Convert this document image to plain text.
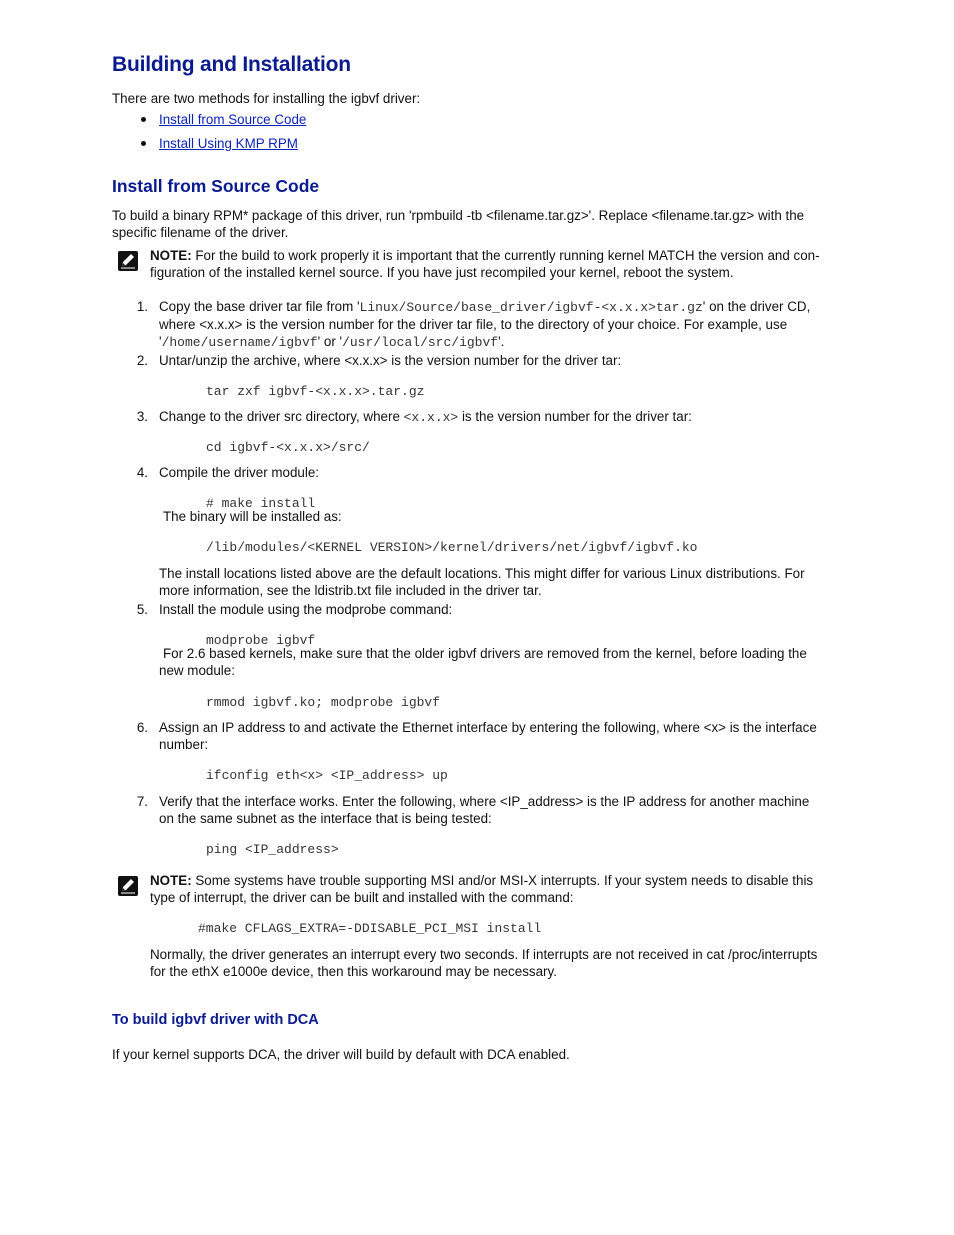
Building and Installation
There are two methods for installing the igbvf driver:
Install from Source Code
Install Using KMP RPM
Install from Source Code
To build a binary RPM* package of this driver, run 'rpmbuild -tb <filename.tar.gz>'. Replace <filename.tar.gz> with the
specific filename of the driver.
NOTE: For the build to work properly it is important that the currently running kernel MATCH the version and con-
figuration of the installed kernel source. If you have just recompiled your kernel, reboot the system.
1. Copy the base driver tar file from 'Linux/Source/base_driver/igbvf-<x.x.x>tar.gz' on the driver CD,
where <x.x.x> is the version number for the driver tar file, to the directory of your choice. For example, use
'/home/username/igbvf' or '/usr/local/src/igbvf'.
2. Untar/unzip the archive, where <x.x.x> is the version number for the driver tar:
tar zxf igbvf-<x.x.x>.tar.gz
3. Change to the driver src directory, where <x.x.x> is the version number for the driver tar:
cd igbvf-<x.x.x>/src/
4. Compile the driver module:
# make install
The binary will be installed as:
/lib/modules/<KERNEL VERSION>/kernel/drivers/net/igbvf/igbvf.ko
The install locations listed above are the default locations. This might differ for various Linux distributions. For
more information, see the ldistrib.txt file included in the driver tar.
5. Install the module using the modprobe command:
modprobe igbvf
For 2.6 based kernels, make sure that the older igbvf drivers are removed from the kernel, before loading the
new module:
rmmod igbvf.ko; modprobe igbvf
6. Assign an IP address to and activate the Ethernet interface by entering the following, where <x> is the interface
number:
ifconfig eth<x> <IP_address> up
7. Verify that the interface works. Enter the following, where <IP_address> is the IP address for another machine
on the same subnet as the interface that is being tested:
ping <IP_address>
NOTE: Some systems have trouble supporting MSI and/or MSI-X interrupts. If your system needs to disable this
type of interrupt, the driver can be built and installed with the command:
#make CFLAGS_EXTRA=-DDISABLE_PCI_MSI install
Normally, the driver generates an interrupt every two seconds. If interrupts are not received in cat /proc/interrupts
for the ethX e1000e device, then this workaround may be necessary.
To build igbvf driver with DCA
If your kernel supports DCA, the driver will build by default with DCA enabled.
